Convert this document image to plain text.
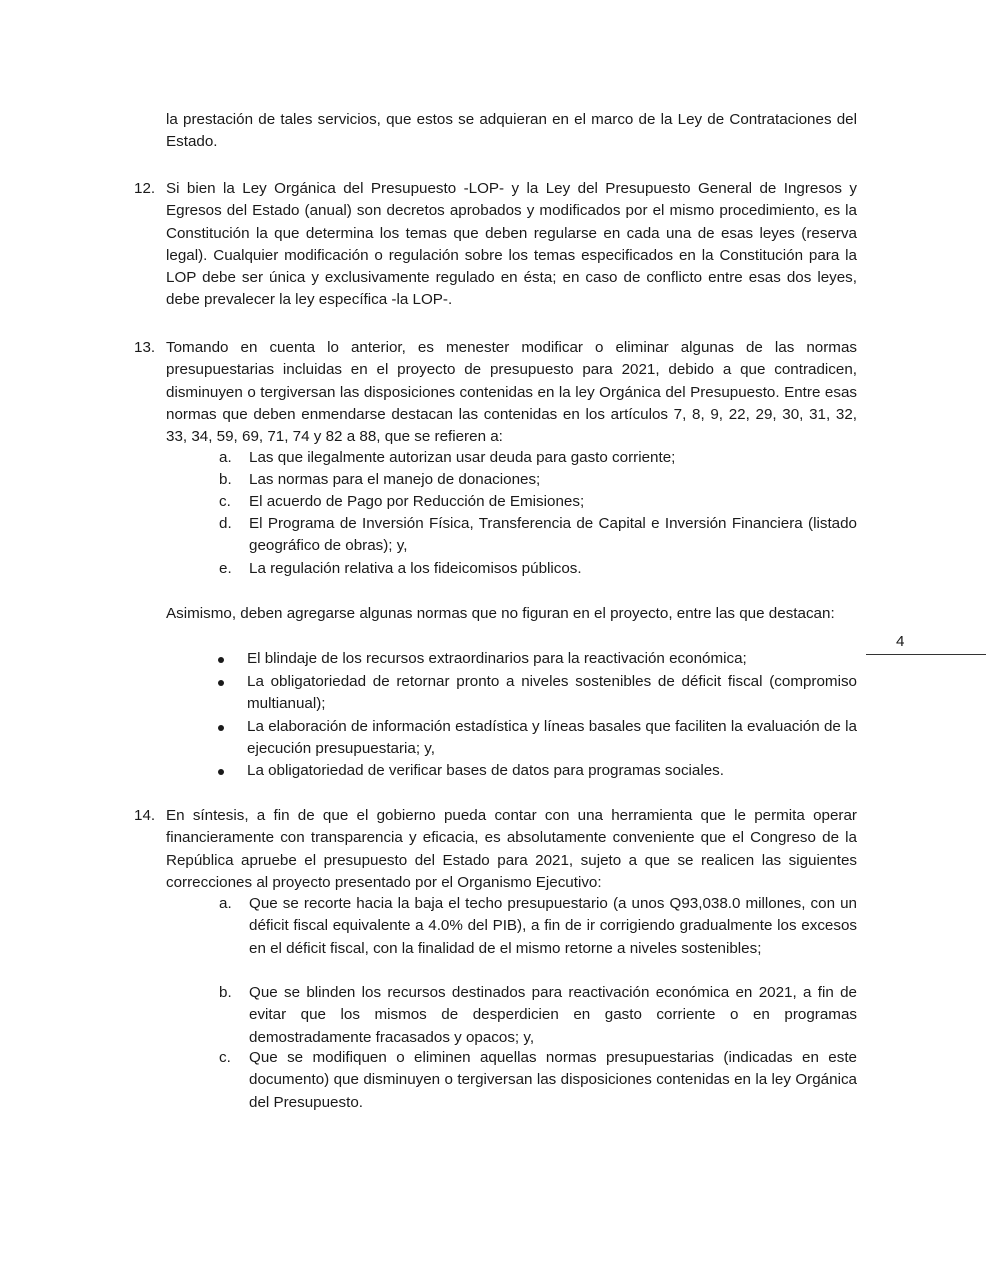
la prestación de tales servicios, que estos se adquieran en el marco de la Ley de Contrataciones del Estado.
12. Si bien la Ley Orgánica del Presupuesto -LOP- y la Ley del Presupuesto General de Ingresos y Egresos del Estado (anual) son decretos aprobados y modificados por el mismo procedimiento, es la Constitución la que determina los temas que deben regularse en cada una de esas leyes (reserva legal). Cualquier modificación o regulación sobre los temas especificados en la Constitución para la LOP debe ser única y exclusivamente regulado en ésta; en caso de conflicto entre esas dos leyes, debe prevalecer la ley específica -la LOP-.
13. Tomando en cuenta lo anterior, es menester modificar o eliminar algunas de las normas presupuestarias incluidas en el proyecto de presupuesto para 2021, debido a que contradicen, disminuyen o tergiversan las disposiciones contenidas en la ley Orgánica del Presupuesto. Entre esas normas que deben enmendarse destacan las contenidas en los artículos 7, 8, 9, 22, 29, 30, 31, 32, 33, 34, 59, 69, 71, 74 y 82 a 88, que se refieren a:
a. Las que ilegalmente autorizan usar deuda para gasto corriente;
b. Las normas para el manejo de donaciones;
c. El acuerdo de Pago por Reducción de Emisiones;
d. El Programa de Inversión Física, Transferencia de Capital e Inversión Financiera (listado geográfico de obras); y,
e. La regulación relativa a los fideicomisos públicos.
Asimismo, deben agregarse algunas normas que no figuran en el proyecto, entre las que destacan:
El blindaje de los recursos extraordinarios para la reactivación económica;
La obligatoriedad de retornar pronto a niveles sostenibles de déficit fiscal (compromiso multianual);
La elaboración de información estadística y líneas basales que faciliten la evaluación de la ejecución presupuestaria; y,
La obligatoriedad de verificar bases de datos para programas sociales.
14. En síntesis, a fin de que el gobierno pueda contar con una herramienta que le permita operar financieramente con transparencia y eficacia, es absolutamente conveniente que el Congreso de la República apruebe el presupuesto del Estado para 2021, sujeto a que se realicen las siguientes correcciones al proyecto presentado por el Organismo Ejecutivo:
a. Que se recorte hacia la baja el techo presupuestario (a unos Q93,038.0 millones, con un déficit fiscal equivalente a 4.0% del PIB), a fin de ir corrigiendo gradualmente los excesos en el déficit fiscal, con la finalidad de el mismo retorne a niveles sostenibles;
b. Que se blinden los recursos destinados para reactivación económica en 2021, a fin de evitar que los mismos de desperdicien en gasto corriente o en programas demostradamente fracasados y opacos; y,
c. Que se modifiquen o eliminen aquellas normas presupuestarias (indicadas en este documento) que disminuyen o tergiversan las disposiciones contenidas en la ley Orgánica del Presupuesto.
4
